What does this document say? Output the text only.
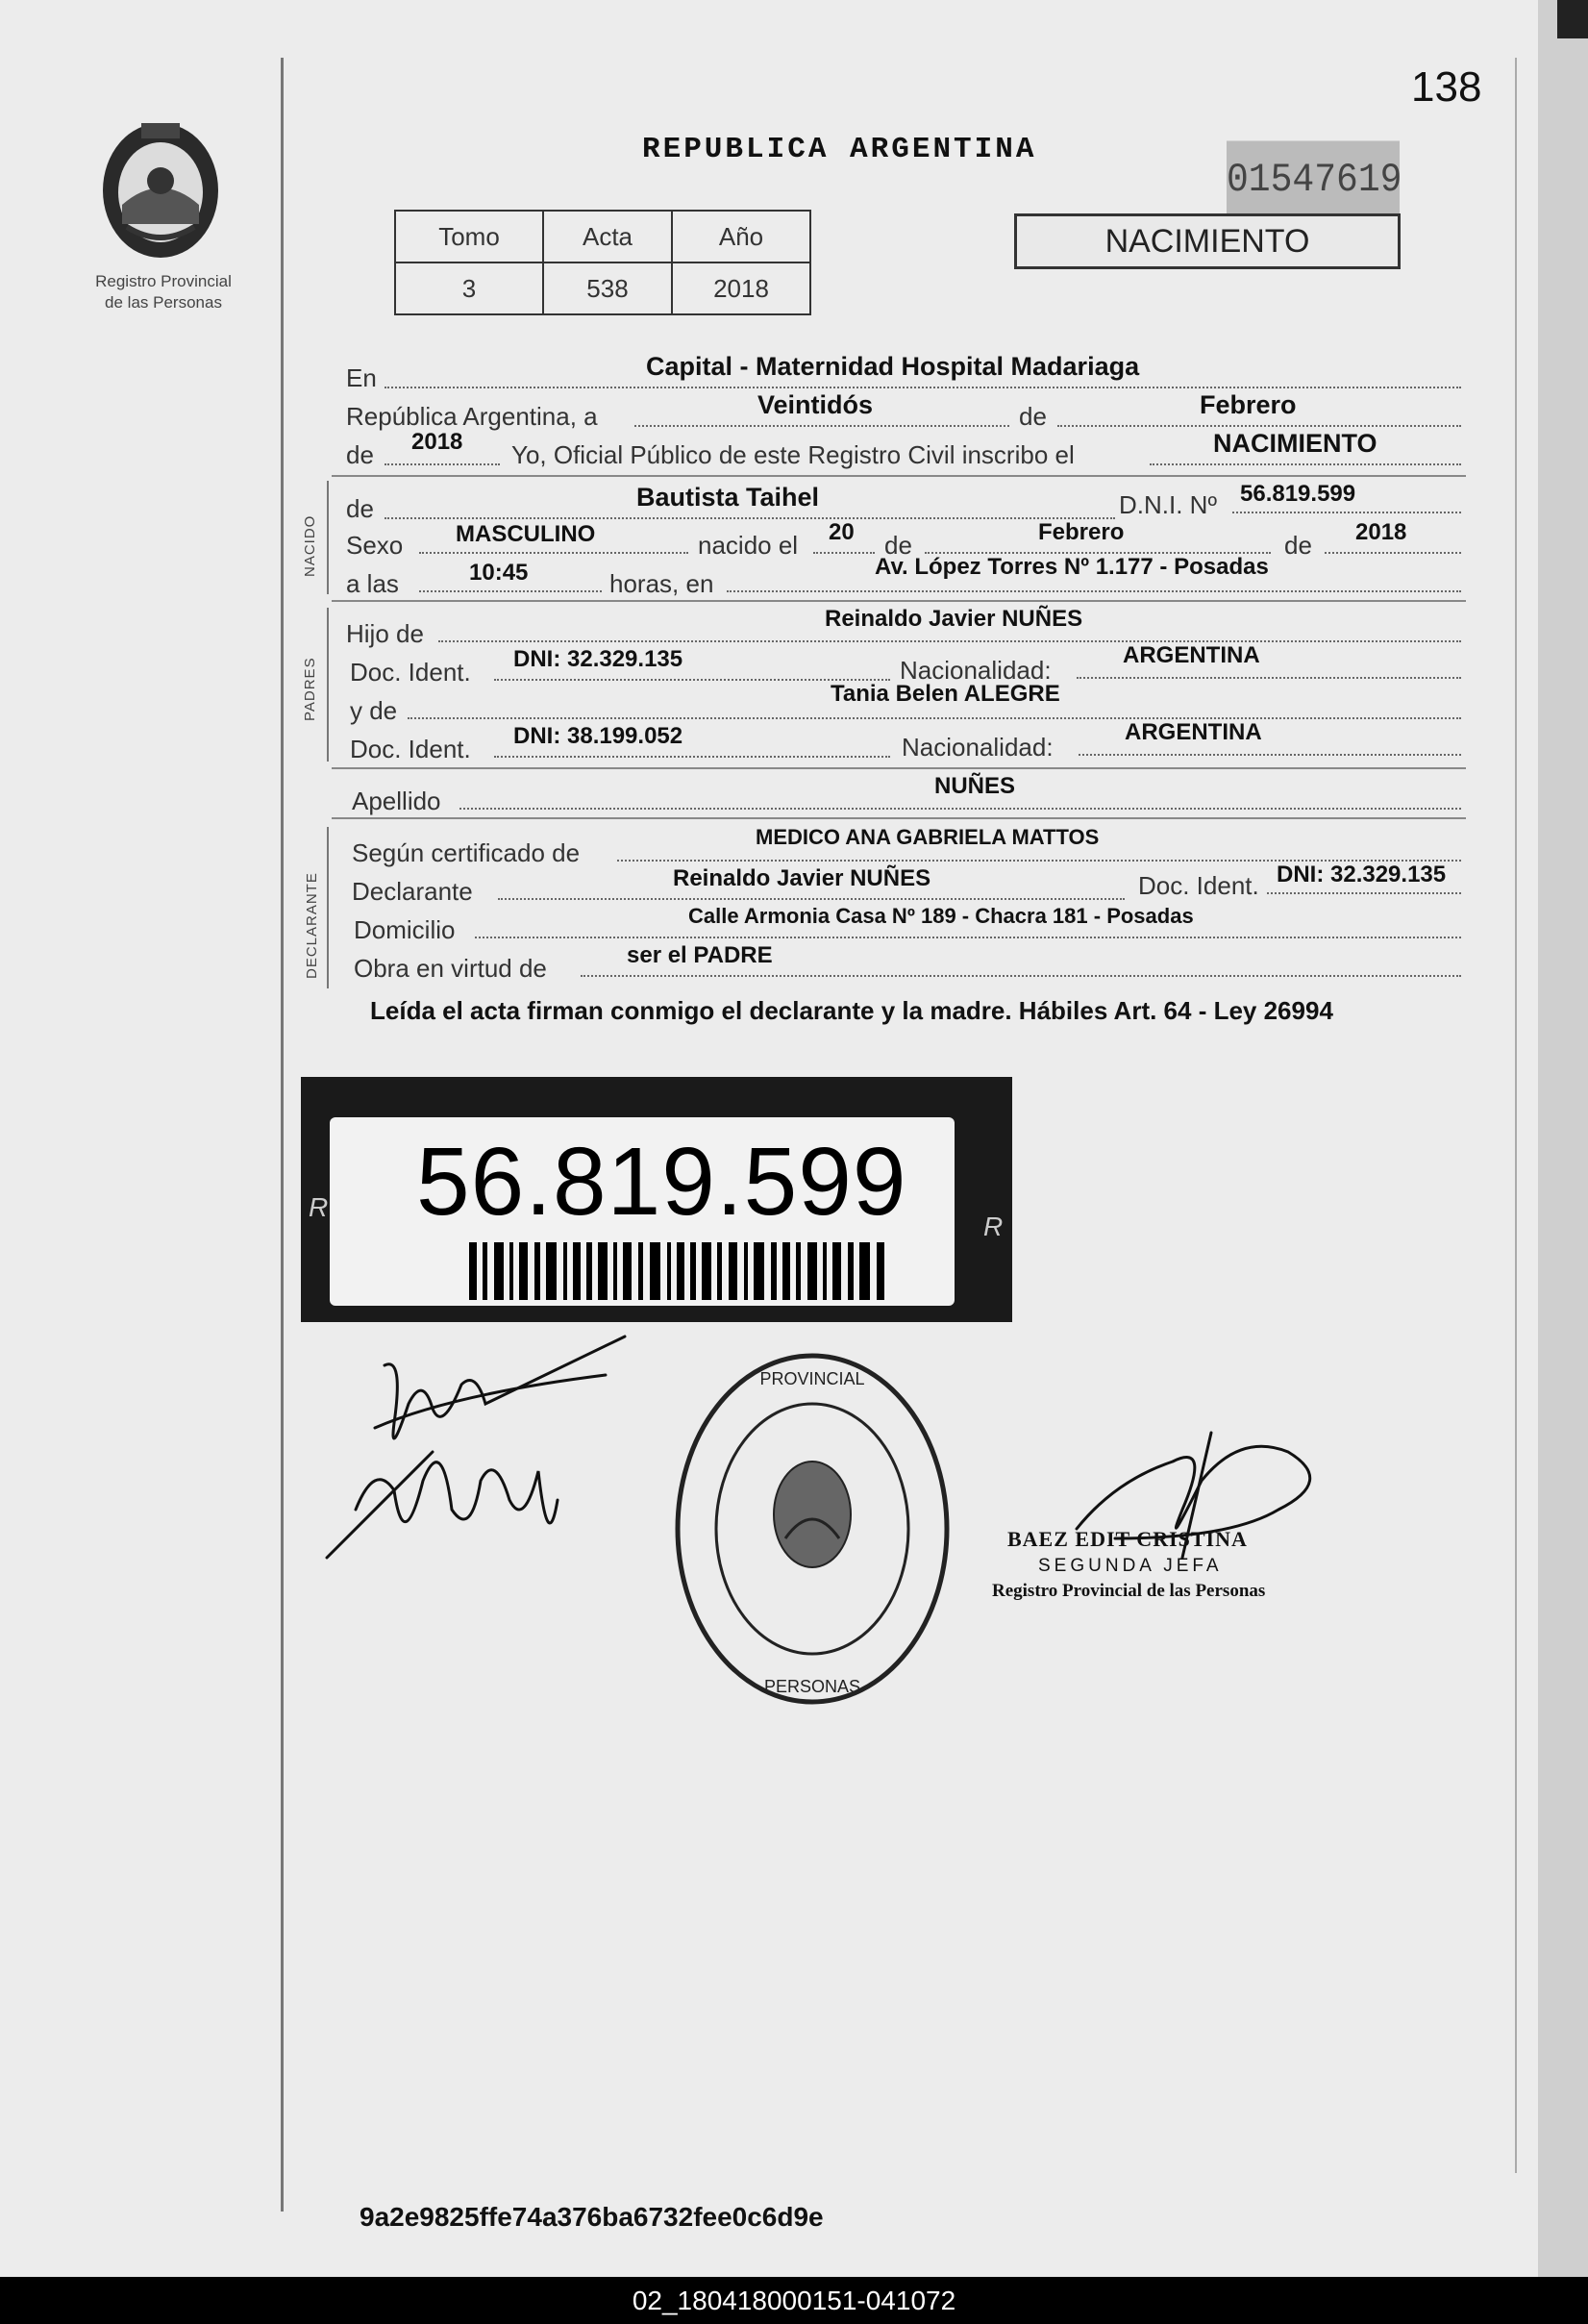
Registro Provincial
de las Personas
138
REPUBLICA ARGENTINA
01547619
NACIMIENTO
Tomo	Acta	Año
3	538	2018
En	Capital - Maternidad Hospital Madariaga
República Argentina, a	Veintidós	de	Febrero
de 2018 Yo, Oficial Público de este Registro Civil inscribo el	NACIMIENTO
NACIDO
de	Bautista Taihel	D.N.I. Nº 56.819.599
Sexo MASCULINO	nacido el 20 de	Febrero	de 2018
a las	10:45	horas, en
Av. López Torres Nº 1.177 - Posadas
PADRES
Hijo de
Reinaldo Javier NUÑES
Doc. Ident. DNI: 32.329.135	Nacionalidad:
ARGENTINA
y de
Tania Belen ALEGRE
Doc. Ident. DNI: 38.199.052	Nacionalidad:
ARGENTINA
Apellido
NUÑES
DECLARANTE
Según certificado de
MEDICO ANA GABRIELA MATTOS
Declarante	Reinaldo Javier NUÑES	Doc. Ident. DNI: 32.329.135
Domicilio	Calle Armonia Casa Nº 189 - Chacra 181 - Posadas
Obra en virtud de	ser el PADRE
Leída el acta firman conmigo el declarante y la madre. Hábiles Art. 64 - Ley 26994
R
R
56.819.599
PROVINCIAL
PERSONAS
BAEZ EDIT CRISTINA
SEGUNDA JEFA
Registro Provincial de las Personas
9a2e9825ffe74a376ba6732fee0c6d9e
02_180418000151-041072
